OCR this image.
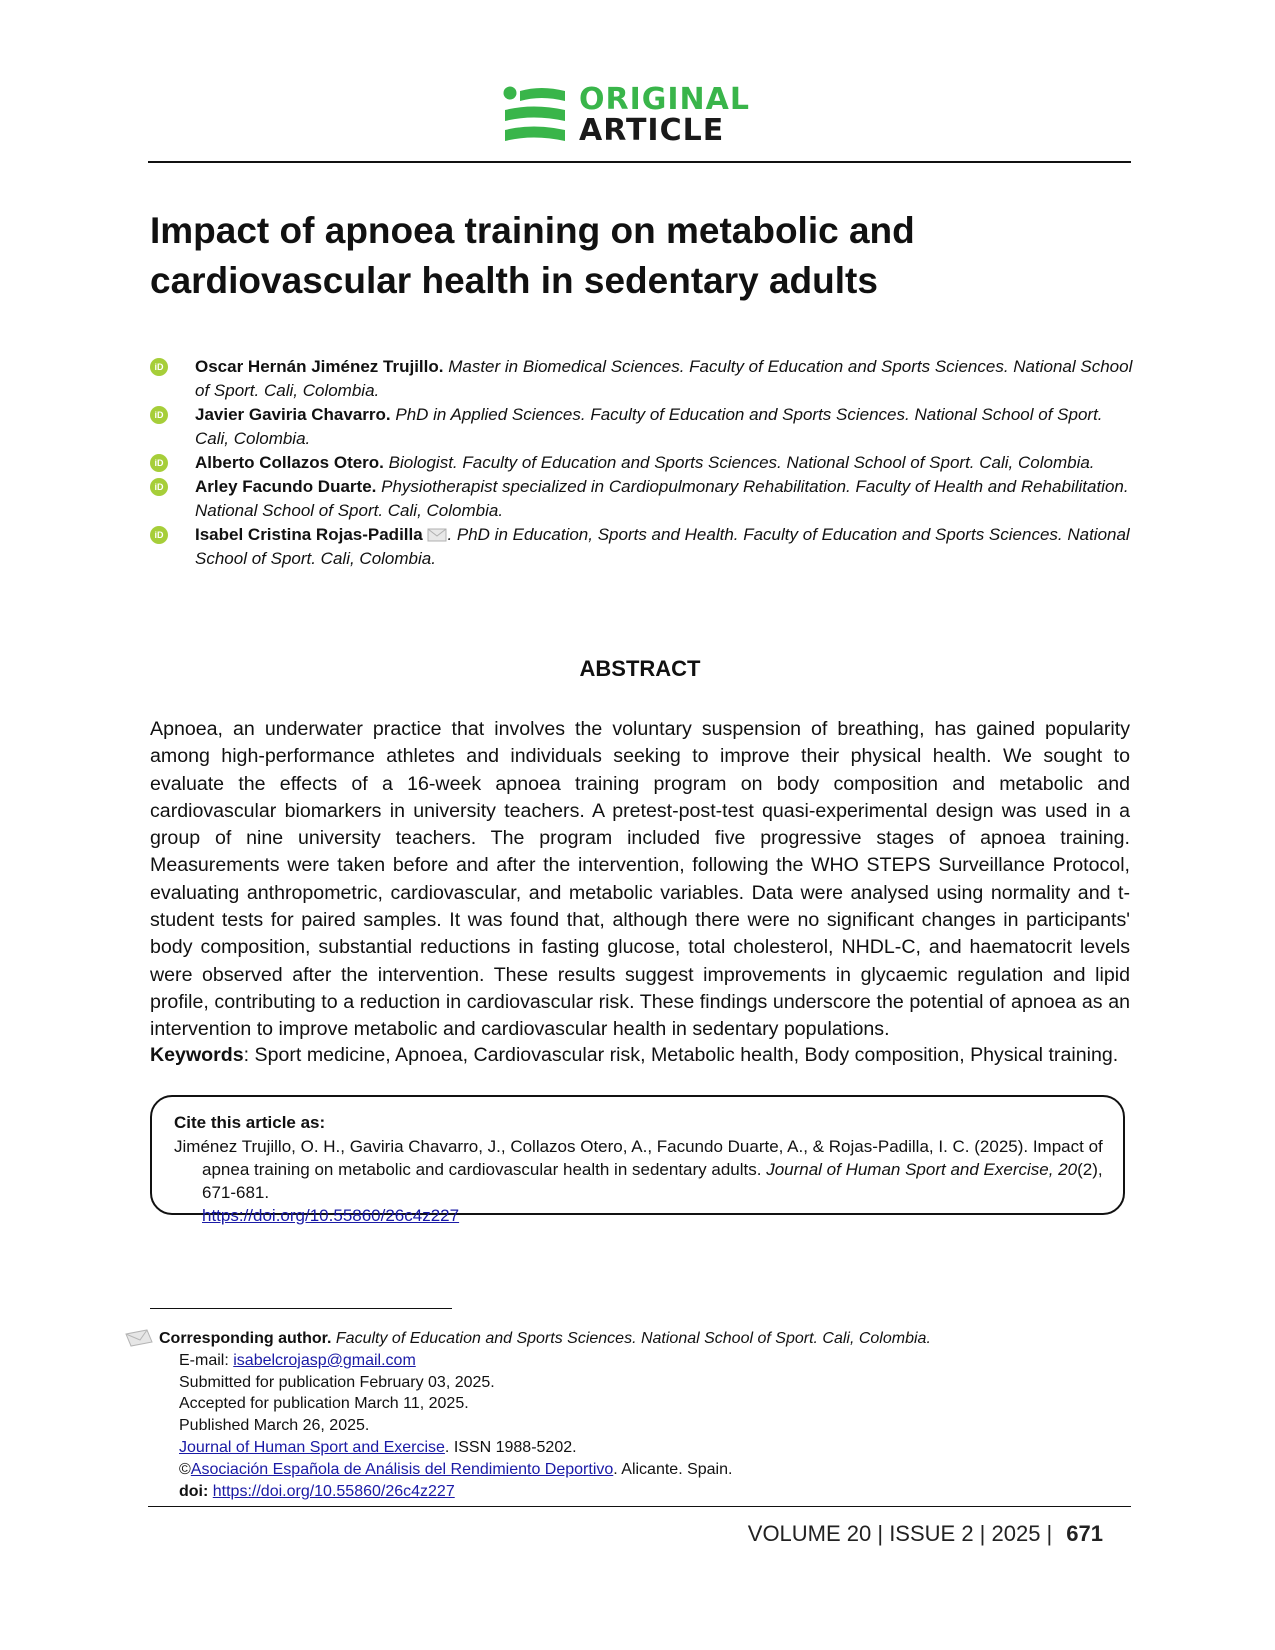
ORIGINAL
ARTICLE
Impact of apnoea training on metabolic and cardiovascular health in sedentary adults
iD Oscar Hernán Jiménez Trujillo. Master in Biomedical Sciences. Faculty of Education and Sports Sciences. National School of Sport. Cali, Colombia.
iD Javier Gaviria Chavarro. PhD in Applied Sciences. Faculty of Education and Sports Sciences. National School of Sport. Cali, Colombia.
iD Alberto Collazos Otero. Biologist. Faculty of Education and Sports Sciences. National School of Sport. Cali, Colombia.
iD Arley Facundo Duarte. Physiotherapist specialized in Cardiopulmonary Rehabilitation. Faculty of Health and Rehabilitation. National School of Sport. Cali, Colombia.
iD Isabel Cristina Rojas-Padilla . PhD in Education, Sports and Health. Faculty of Education and Sports Sciences. National School of Sport. Cali, Colombia.
ABSTRACT

Apnoea, an underwater practice that involves the voluntary suspension of breathing, has gained popularity among high-performance athletes and individuals seeking to improve their physical health. We sought to evaluate the effects of a 16-week apnoea training program on body composition and metabolic and cardiovascular biomarkers in university teachers. A pretest-post-test quasi-experimental design was used in a group of nine university teachers. The program included five progressive stages of apnoea training. Measurements were taken before and after the intervention, following the WHO STEPS Surveillance Protocol, evaluating anthropometric, cardiovascular, and metabolic variables. Data were analysed using normality and t-student tests for paired samples. It was found that, although there were no significant changes in participants' body composition, substantial reductions in fasting glucose, total cholesterol, NHDL-C, and haematocrit levels were observed after the intervention. These results suggest improvements in glycaemic regulation and lipid profile, contributing to a reduction in cardiovascular risk. These findings underscore the potential of apnoea as an intervention to improve metabolic and cardiovascular health in sedentary populations.

Keywords: Sport medicine, Apnoea, Cardiovascular risk, Metabolic health, Body composition, Physical training.

Cite this article as:

Jiménez Trujillo, O. H., Gaviria Chavarro, J., Collazos Otero, A., Facundo Duarte, A., & Rojas-Padilla, I. C. (2025). Impact of apnea training on metabolic and cardiovascular health in sedentary adults. Journal of Human Sport and Exercise, 20(2), 671-681.
https://doi.org/10.55860/26c4z227

Corresponding author. Faculty of Education and Sports Sciences. National School of Sport. Cali, Colombia.
E-mail: isabelcrojasp@gmail.com
Submitted for publication February 03, 2025.
Accepted for publication March 11, 2025.
Published March 26, 2025.
Journal of Human Sport and Exercise. ISSN 1988-5202.
©Asociación Española de Análisis del Rendimiento Deportivo. Alicante. Spain.
doi: https://doi.org/10.55860/26c4z227
VOLUME 20 | ISSUE 2 | 2025 | 671
